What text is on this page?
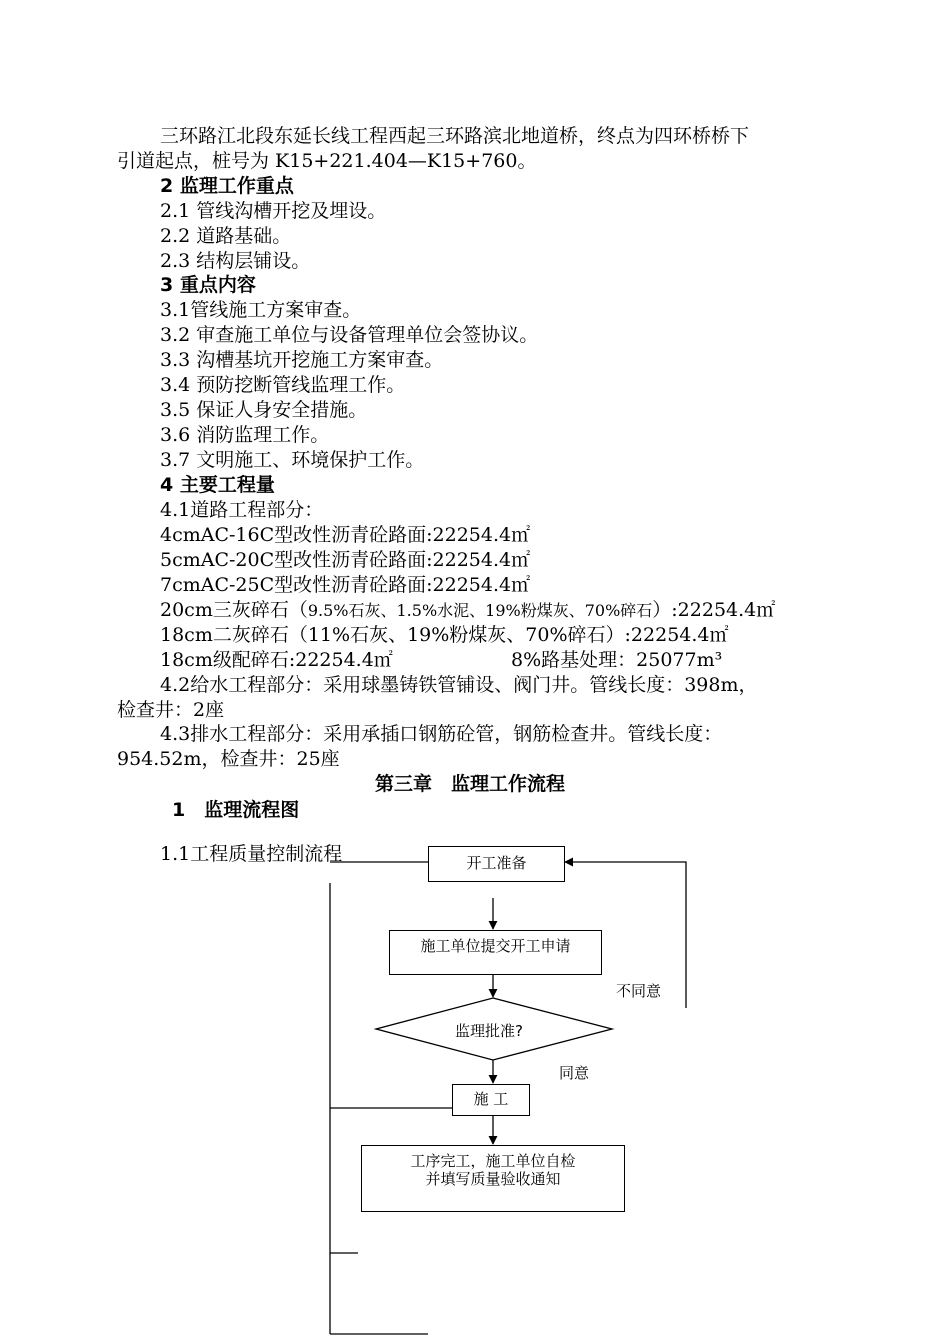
三环路江北段东延长线工程西起三环路滨北地道桥，终点为四环桥桥下
引道起点，桩号为 K15+221.404—K15+760。
2 监理工作重点
2.1 管线沟槽开挖及埋设。
2.2 道路基础。
2.3 结构层铺设。
3 重点内容
3.1管线施工方案审查。
3.2 审查施工单位与设备管理单位会签协议。
3.3 沟槽基坑开挖施工方案审查。
3.4 预防挖断管线监理工作。
3.5 保证人身安全措施。
3.6 消防监理工作。
3.7 文明施工、环境保护工作。
4 主要工程量
4.1道路工程部分：
4cmAC-16C型改性沥青砼路面:22254.4㎡
5cmAC-20C型改性沥青砼路面:22254.4㎡
7cmAC-25C型改性沥青砼路面:22254.4㎡
20cm三灰碎石（9.5%石灰、1.5%水泥、19%粉煤灰、70%碎石）:22254.4㎡
18cm二灰碎石（11%石灰、19%粉煤灰、70%碎石）:22254.4㎡
18cm级配碎石:22254.4㎡	8%路基处理：25077m³
4.2给水工程部分：采用球墨铸铁管铺设、阀门井。管线长度：398m，
检查井：2座
4.3排水工程部分：采用承插口钢筋砼管，钢筋检查井。管线长度：
954.52m，检查井：25座
第三章　监理工作流程
1　监理流程图
1.1工程质量控制流程	开工准备
施工单位提交开工申请
监理批准?
不同意
同意
施 工
工序完工，施工单位自检
并填写质量验收通知
